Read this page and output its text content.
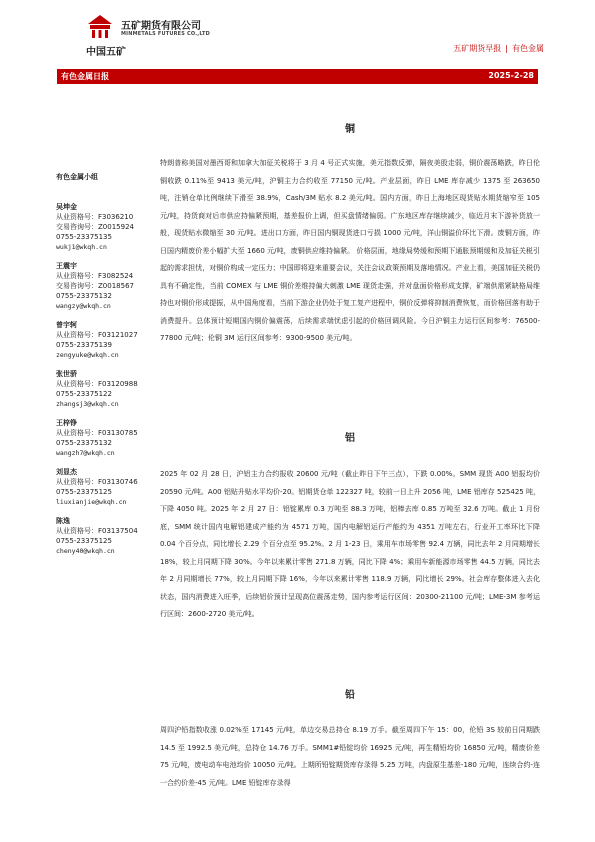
中国五矿
五矿期货有限公司
MINMETALS FUTURES CO.,LTD
五矿期货早报 | 有色金属
有色金属日报	2025-2-28
有色金属小组
吴坤金
从业资格号：F3036210
交易咨询号：Z0015924
0755-23375135
wukj1@wkqh.cn
王震宇
从业资格号：F3082524
交易咨询号：Z0018567
0755-23375132
wangzy@wkqh.cn
曾宇轲
从业资格号：F03121027
0755-23375139
zengyuke@wkqh.cn
张世骄
从业资格号：F03120988
0755-23375122
zhangsj3@wkqh.cn
王梓铮
从业资格号：F03130785
0755-23375132
wangzh7@wkqh.cn
刘显杰
从业资格号：F03130746
0755-23375125
liuxianjie@wkqh.cn
陈逸
从业资格号：F03137504
0755-23375125
cheny40@wkqh.cn
铜

特朗普称美国对墨西哥和加拿大加征关税将于 3 月 4 号正式实施，美元指数反弹，隔夜美股走弱，铜价震荡略跌，昨日伦铜收跌 0.11%至 9413 美元/吨，沪铜主力合约收至 77150 元/吨。产业层面，昨日 LME 库存减少 1375 至 263650 吨，注销仓单比例继续下滑至 38.9%，Cash/3M 贴水 8.2 美元/吨。国内方面，昨日上海地区现货贴水期货缩窄至 105 元/吨，持货商对后市供应持偏紧预期，基差报价上调，但买盘情绪偏弱。广东地区库存继续减少，临近月末下游补货放一般，现货贴水微缩至 30 元/吨。进出口方面，昨日国内铜现货进口亏损 1000 元/吨，洋山铜溢价环比下滑。废铜方面，昨日国内精废价差小幅扩大至 1660 元/吨，废铜供应维持偏紧。 价格层面，地缘局势缓和预期下通胀预期缓和及加征关税引起的需求担忧，对铜价构成一定压力；中国即将迎来重要会议，关注会议政策预期及落地情况。产业上看，美国加征关税仍具有不确定性，当前 COMEX 与 LME 铜价差维持偏大刺激 LME 现货走强，并对盘面价格形成支撑，矿端供需紧缺格局维持也对铜价形成提振，从中国角度看，当前下游企业仍处于复工复产进程中，铜价反弹将抑制消费恢复，而价格回落有助于消费提升。总体预计短期国内铜价偏震荡，后续需求端忧虑引起的价格回调风险。今日沪铜主力运行区间参考：76500-77800 元/吨；伦铜 3M 运行区间参考：9300-9500 美元/吨。

铝

2025 年 02 月 28 日，沪铝主力合约报收 20600 元/吨（截止昨日下午三点），下跌 0.00%。SMM 现货 A00 铝报均价 20590 元/吨。A00 铝贴升贴水平均价-20。铝期货仓单 122327 吨，较前一日上升 2056 吨，LME 铝库存 525425 吨，下降 4050 吨。2025 年 2 月 27 日：铝锭累库 0.3 万吨至 88.3 万吨，铝棒去库 0.85 万吨至 32.6 万吨。截止 1 月份底，SMM 统计国内电解铝建成产能约为 4571 万吨，国内电解铝运行产能约为 4351 万吨左右，行业开工率环比下降 0.04 个百分点，同比增长 2.29 个百分点至 95.2%。2 月 1-23 日，乘用车市场零售 92.4 万辆，同比去年 2 月同期增长 18%，较上月同期下降 30%。今年以来累计零售 271.8 万辆，同比下降 4%；乘用车新能源市场零售 44.5 万辆，同比去年 2 月同期增长 77%，较上月同期下降 16%，今年以来累计零售 118.9 万辆，同比增长 29%。社会库存整体进入去化状态，国内消费进入旺季，后续铝价预计呈现高位震荡走势，国内参考运行区间：20300-21100 元/吨；LME-3M 参考运行区间：2600-2720 美元/吨。

铅

周四沪铅指数收涨 0.02%至 17145 元/吨，单边交易总持仓 8.19 万手。截至周四下午 15：00，伦铅 3S 较前日同期跌 14.5 至 1992.5 美元/吨，总持仓 14.76 万手。SMM1#铅锭均价 16925 元/吨，再生精铅均价 16850 元/吨，精废价差 75 元/吨，废电动车电池均价 10050 元/吨。上期所铅锭期货库存录得 5.25 万吨，内盘原生基差-180 元/吨，连续合约-连一合约价差-45 元/吨。LME 铅锭库存录得
